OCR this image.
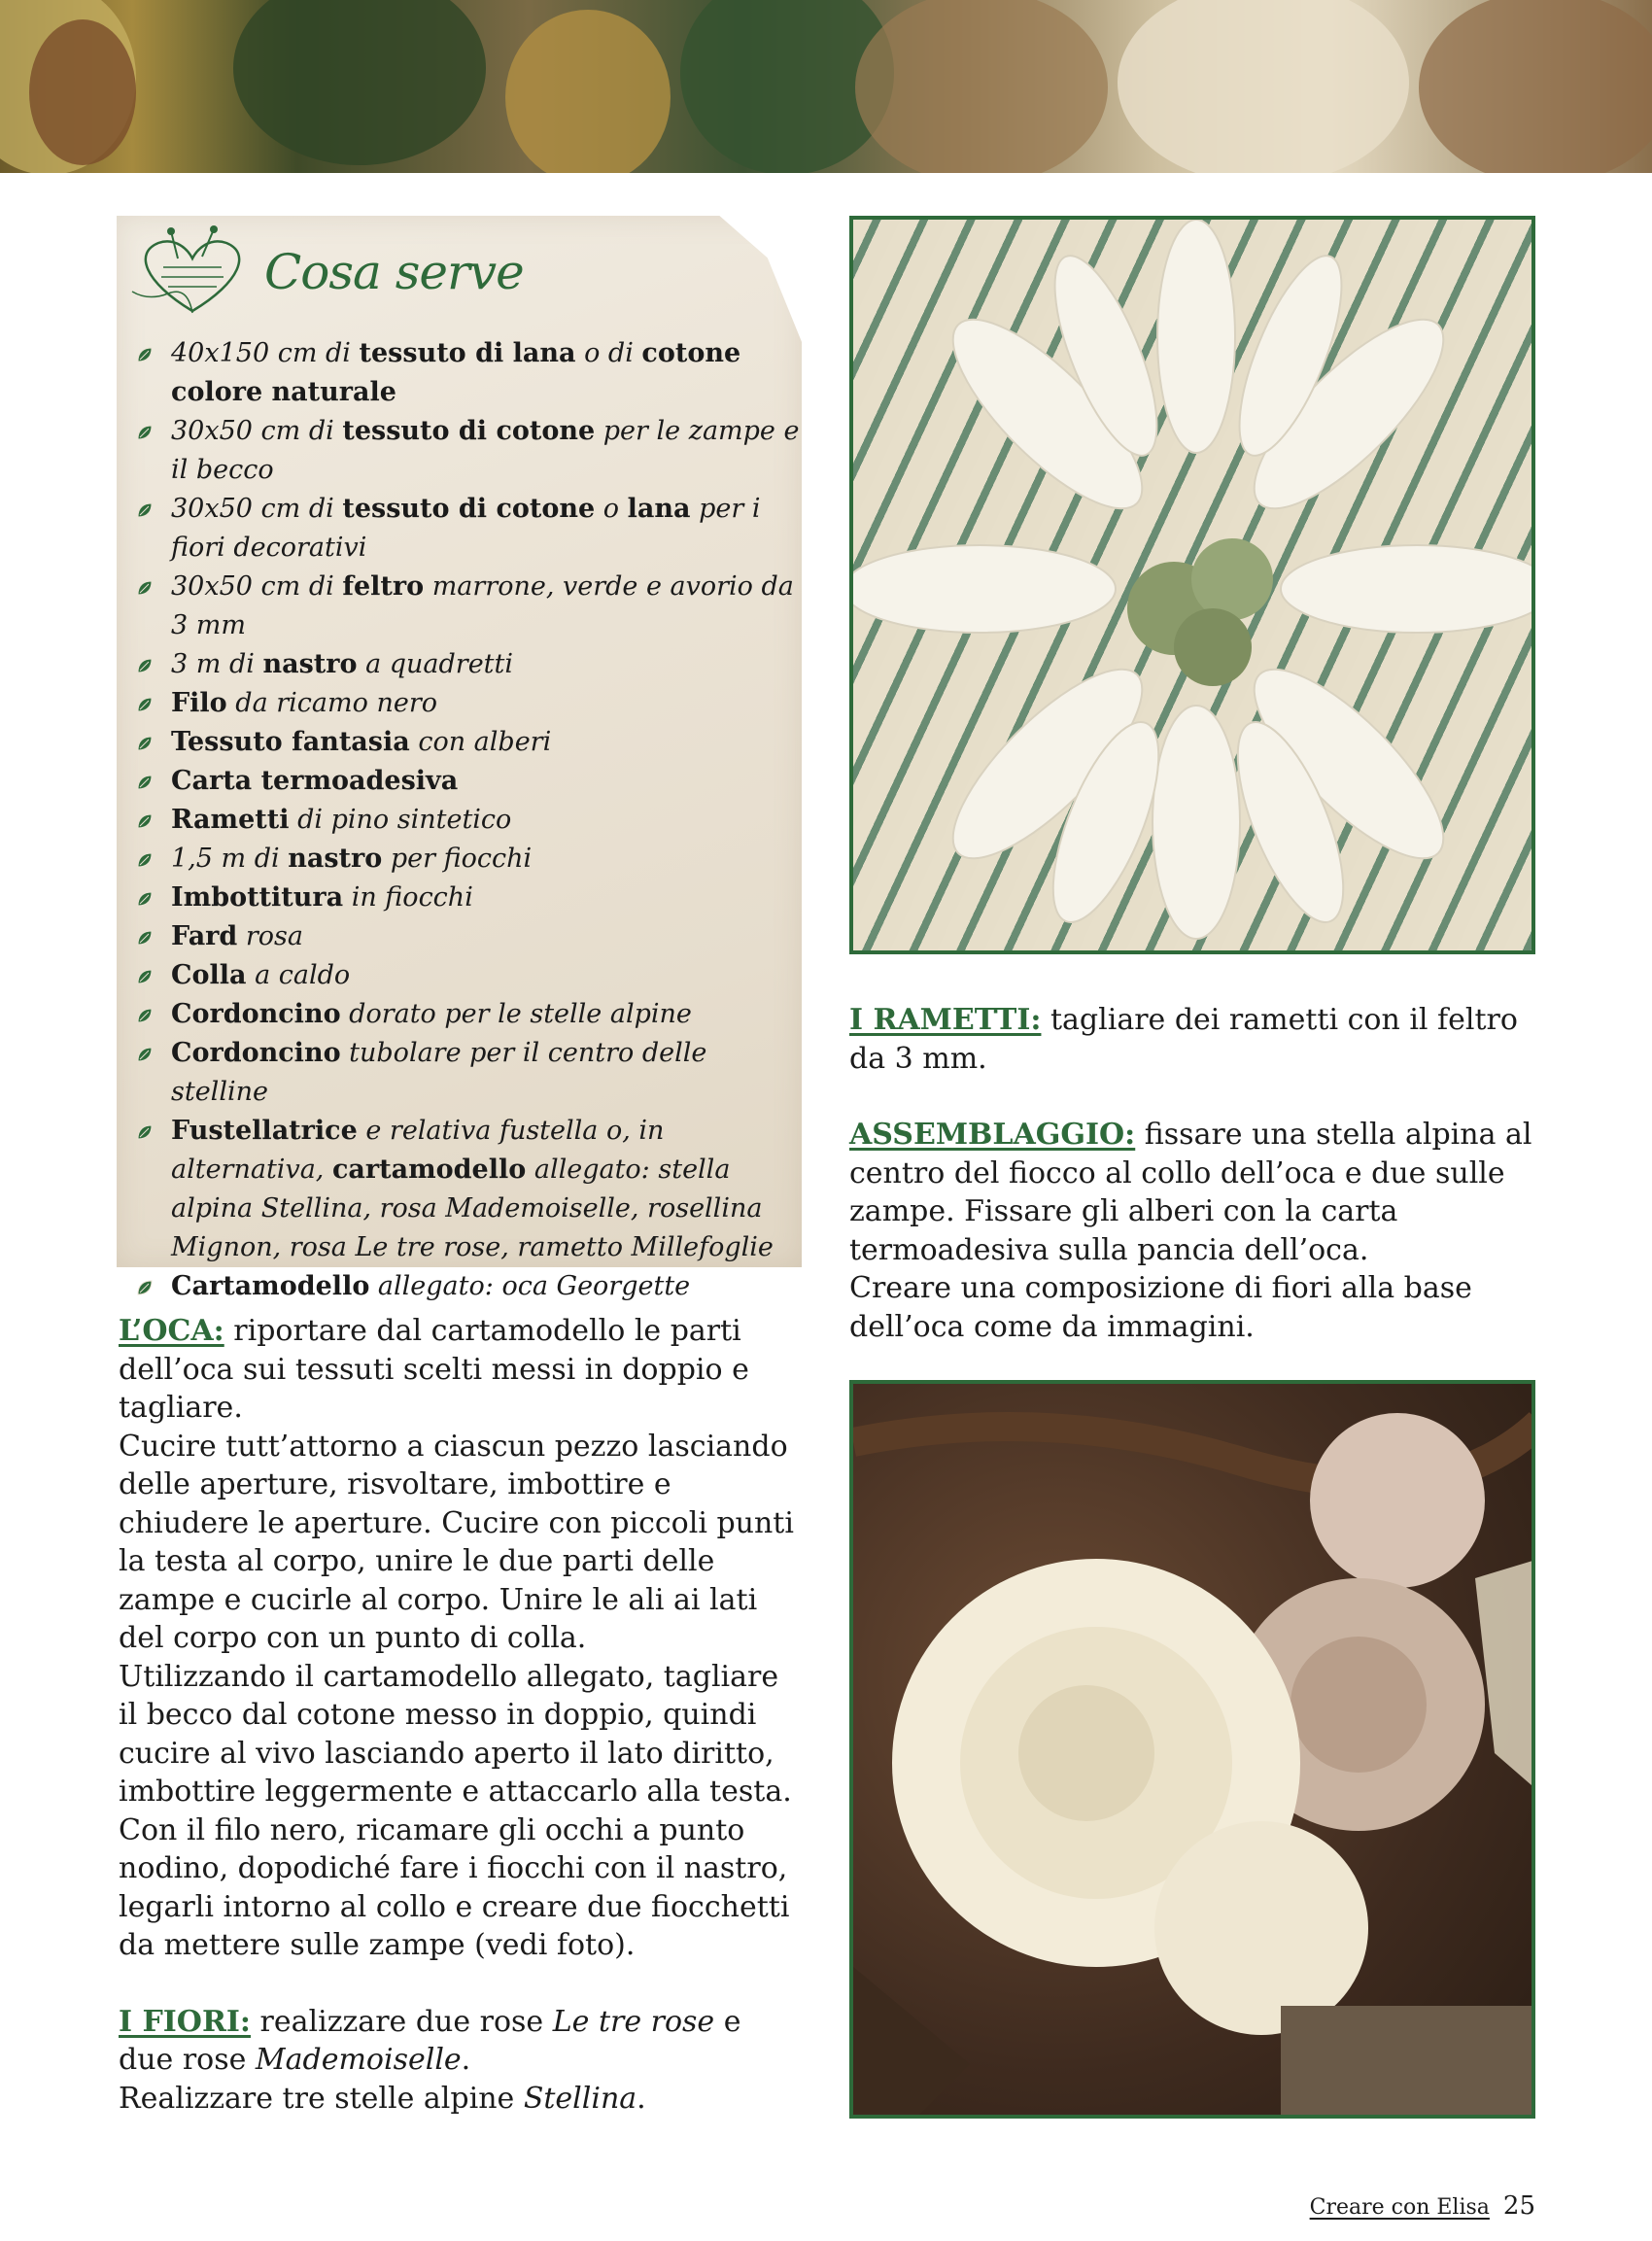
Cosa serve
40x150 cm di tessuto di lana o di cotone colore naturale
30x50 cm di tessuto di cotone per le zampe e il becco
30x50 cm di tessuto di cotone o lana per i fiori decorativi
30x50 cm di feltro marrone, verde e avorio da 3 mm
3 m di nastro a quadretti
Filo da ricamo nero
Tessuto fantasia con alberi
Carta termoadesiva
Rametti di pino sintetico
1,5 m di nastro per fiocchi
Imbottitura in fiocchi
Fard rosa
Colla a caldo
Cordoncino dorato per le stelle alpine
Cordoncino tubolare per il centro delle stelline
Fustellatrice e relativa fustella o, in alternativa, cartamodello allegato: stella alpina Stellina, rosa Mademoiselle, rosellina Mignon, rosa Le tre rose, rametto Millefoglie
Cartamodello allegato: oca Georgette

L’OCA: riportare dal cartamodello le parti dell’oca sui tessuti scelti messi in doppio e tagliare.

Cucire tutt’attorno a ciascun pezzo lasciando delle aperture, risvoltare, imbottire e chiudere le aperture. Cucire con piccoli punti la testa al corpo, unire le due parti delle zampe e cucirle al corpo. Unire le ali ai lati del corpo con un punto di colla.

Utilizzando il cartamodello allegato, tagliare il becco dal cotone messo in doppio, quindi cucire al vivo lasciando aperto il lato diritto, imbottire leggermente e attaccarlo alla testa. Con il filo nero, ricamare gli occhi a punto nodino, dopodiché fare i fiocchi con il nastro, legarli intorno al collo e creare due fiocchetti da mettere sulle zampe (vedi foto).

I FIORI: realizzare due rose Le tre rose e due rose Mademoiselle.

Realizzare tre stelle alpine Stellina.

I RAMETTI: tagliare dei rametti con il feltro da 3 mm.

ASSEMBLAGGIO: fissare una stella alpina al centro del fiocco al collo dell’oca e due sulle zampe. Fissare gli alberi con la carta termoadesiva sulla pancia dell’oca.

Creare una composizione di fiori alla base dell’oca come da immagini.

Creare con Elisa 25
